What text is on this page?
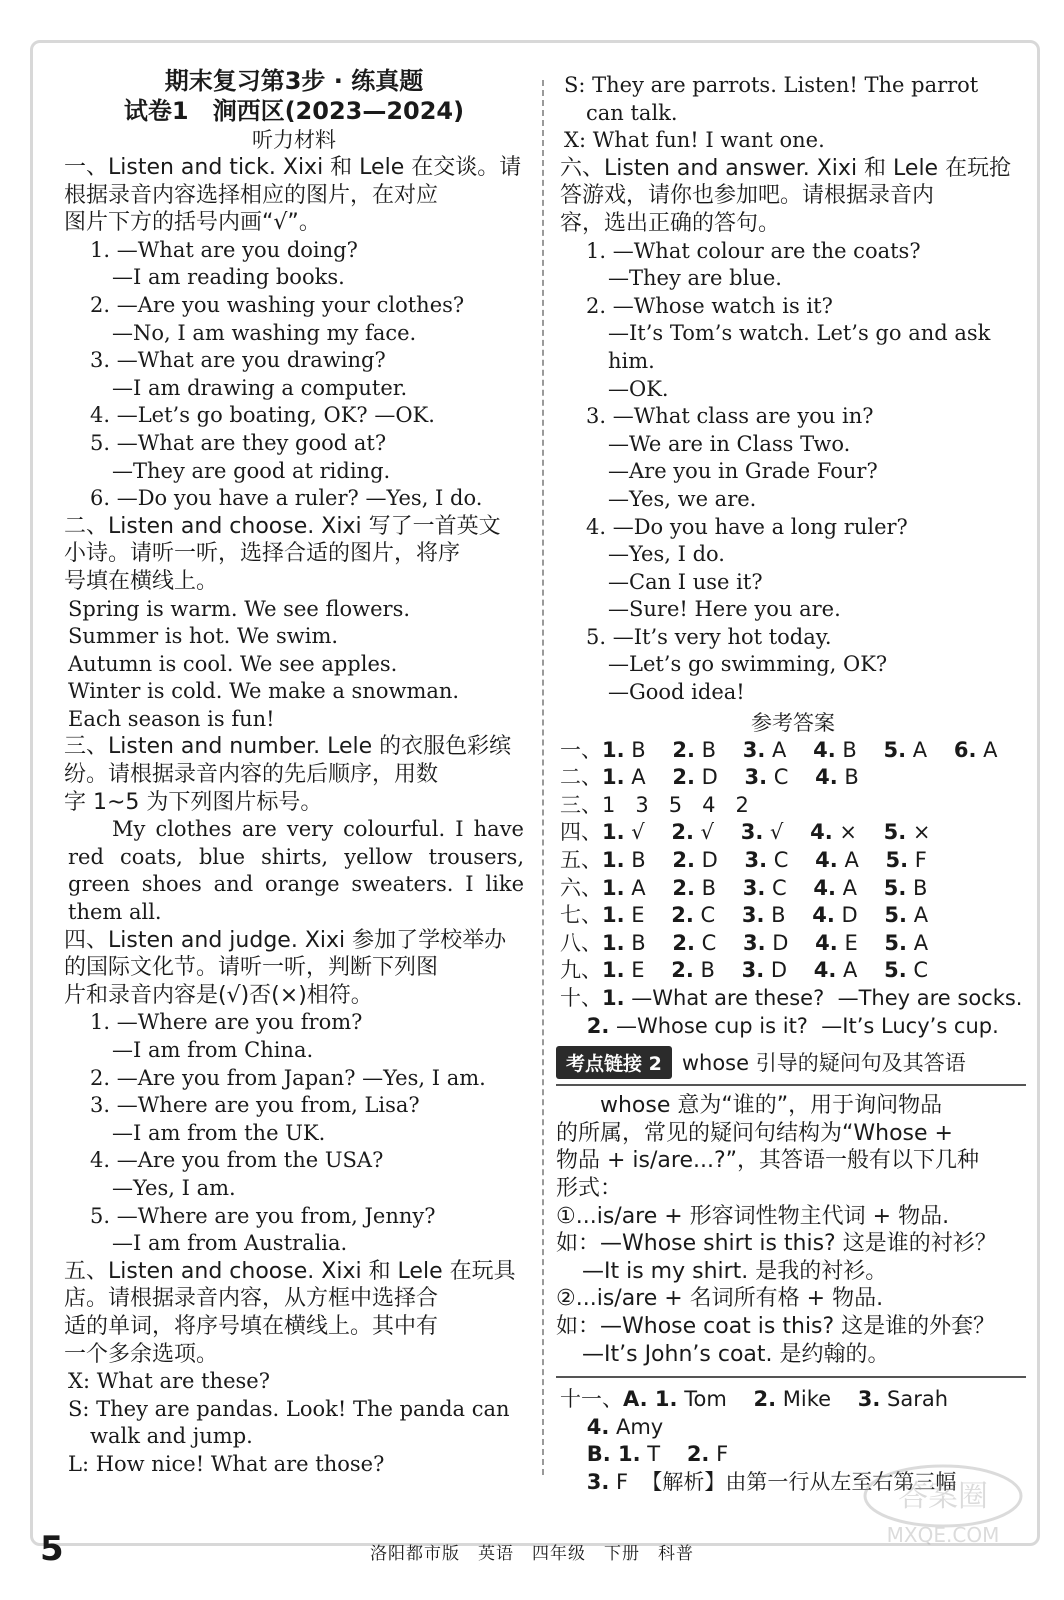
期末复习第3步 · 练真题
试卷1　涧西区(2023—2024)
听力材料
一、Listen and tick. Xixi 和 Lele 在交谈。请
根据录音内容选择相应的图片，在对应
图片下方的括号内画“√”。
1. —What are you doing?
—I am reading books.
2. —Are you washing your clothes?
—No, I am washing my face.
3. —What are you drawing?
—I am drawing a computer.
4. —Let’s go boating, OK? —OK.
5. —What are they good at?
—They are good at riding.
6. —Do you have a ruler? —Yes, I do.
二、Listen and choose. Xixi 写了一首英文
小诗。请听一听，选择合适的图片，将序
号填在横线上。
Spring is warm. We see flowers.
Summer is hot. We swim.
Autumn is cool. We see apples.
Winter is cold. We make a snowman.
Each season is fun!
三、Listen and number. Lele 的衣服色彩缤
纷。请根据录音内容的先后顺序，用数
字 1~5 为下列图片标号。
My clothes are very colourful. I have
red coats, blue shirts, yellow trousers,
green shoes and orange sweaters. I like
them all.
四、Listen and judge. Xixi 参加了学校举办
的国际文化节。请听一听，判断下列图
片和录音内容是(√)否(×)相符。
1. —Where are you from?
—I am from China.
2. —Are you from Japan? —Yes, I am.
3. —Where are you from, Lisa?
—I am from the UK.
4. —Are you from the USA?
—Yes, I am.
5. —Where are you from, Jenny?
—I am from Australia.
五、Listen and choose. Xixi 和 Lele 在玩具
店。请根据录音内容，从方框中选择合
适的单词，将序号填在横线上。其中有
一个多余选项。
X: What are these?
S: They are pandas. Look! The panda can
walk and jump.
L: How nice! What are those?
S: They are parrots. Listen! The parrot
can talk.
X: What fun! I want one.
六、Listen and answer. Xixi 和 Lele 在玩抢
答游戏，请你也参加吧。请根据录音内
容，选出正确的答句。
1. —What colour are the coats?
—They are blue.
2. —Whose watch is it?
—It’s Tom’s watch. Let’s go and ask
him.
—OK.
3. —What class are you in?
—We are in Class Two.
—Are you in Grade Four?
—Yes, we are.
4. —Do you have a long ruler?
—Yes, I do.
—Can I use it?
—Sure! Here you are.
5. —It’s very hot today.
—Let’s go swimming, OK?
—Good idea!
参考答案
一、1. B    2. B    3. A    4. B    5. A    6. A
二、1. A    2. D    3. C    4. B
三、1   3   5   4   2
四、1. √    2. √    3. √    4. ×    5. ×
五、1. B    2. D    3. C    4. A    5. F
六、1. A    2. B    3. C    4. A    5. B
七、1. E    2. C    3. B    4. D    5. A
八、1. B    2. C    3. D    4. E    5. A
九、1. E    2. B    3. D    4. A    5. C
十、1. —What are these?  —They are socks.
2. —Whose cup is it?  —It’s Lucy’s cup.
考点链接 2 whose 引导的疑问句及其答语
whose 意为“谁的”，用于询问物品
的所属，常见的疑问句结构为“Whose +
物品 + is/are...?”，其答语一般有以下几种
形式：
①...is/are + 形容词性物主代词 + 物品.
如：—Whose shirt is this? 这是谁的衬衫？
—It is my shirt. 是我的衬衫。
②...is/are + 名词所有格 + 物品.
如：—Whose coat is this? 这是谁的外套？
—It’s John’s coat. 是约翰的。
十一、A. 1. Tom    2. Mike    3. Sarah
4. Amy
B. 1. T    2. F
3. F  【解析】由第一行从左至右第三幅
5	洛阳都市版　英语　四年级　下册　科普
答案圈
MXQE.COM
